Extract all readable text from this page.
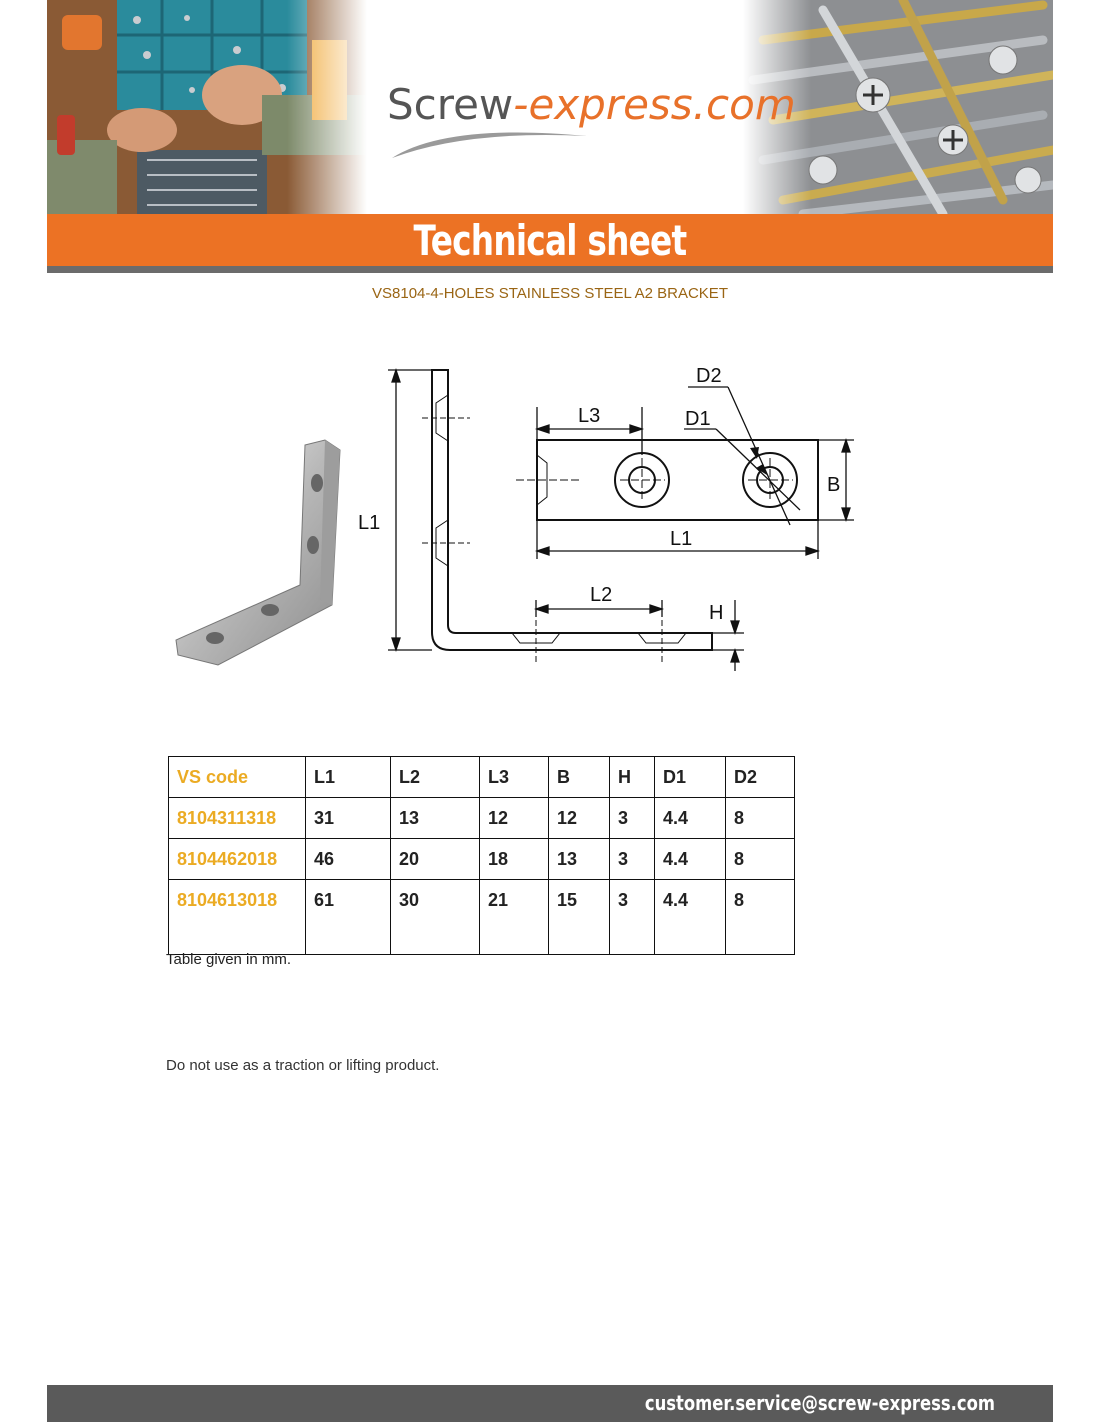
Screw-express.com
Technical sheet
VS8104-4-HOLES STAINLESS STEEL A2 BRACKET
L1
L2
H
L3
L1
B
D2
D1
VS code	L1	L2	L3	B	H	D1	D2
8104311318	31	13	12	12	3	4.4	8
8104462018	46	20	18	13	3	4.4	8
8104613018	61	30	21	15	3	4.4	8
Table given in mm.
Do not use as a traction or lifting product.
customer.service@screw-express.com
